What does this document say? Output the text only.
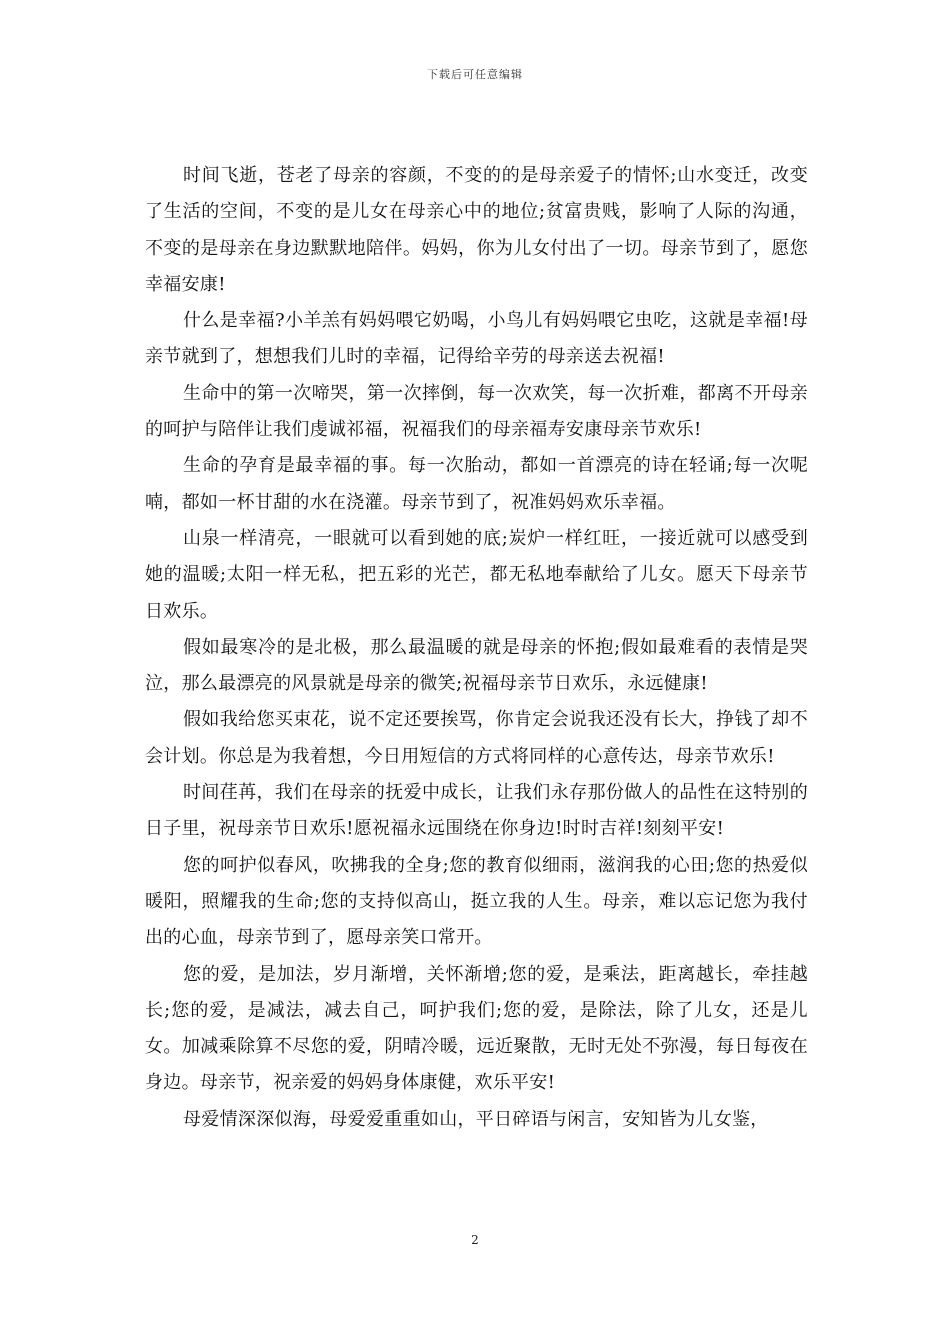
下载后可任意编辑

时间飞逝，苍老了母亲的容颜，不变的的是母亲爱子的情怀;山水变迁，改变了生活的空间，不变的是儿女在母亲心中的地位;贫富贵贱，影响了人际的沟通，不变的是母亲在身边默默地陪伴。妈妈，你为儿女付出了一切。母亲节到了，愿您幸福安康!

什么是幸福?小羊羔有妈妈喂它奶喝，小鸟儿有妈妈喂它虫吃，这就是幸福!母亲节就到了，想想我们儿时的幸福，记得给辛劳的母亲送去祝福!

生命中的第一次啼哭，第一次摔倒，每一次欢笑，每一次折难，都离不开母亲的呵护与陪伴让我们虔诚祁福，祝福我们的母亲福寿安康母亲节欢乐!

生命的孕育是最幸福的事。每一次胎动，都如一首漂亮的诗在轻诵;每一次呢喃，都如一杯甘甜的水在浇灌。母亲节到了，祝准妈妈欢乐幸福。

山泉一样清亮，一眼就可以看到她的底;炭炉一样红旺，一接近就可以感受到她的温暖;太阳一样无私，把五彩的光芒，都无私地奉献给了儿女。愿天下母亲节日欢乐。

假如最寒冷的是北极，那么最温暖的就是母亲的怀抱;假如最难看的表情是哭泣，那么最漂亮的风景就是母亲的微笑;祝福母亲节日欢乐，永远健康!

假如我给您买束花，说不定还要挨骂，你肯定会说我还没有长大，挣钱了却不会计划。你总是为我着想，今日用短信的方式将同样的心意传达，母亲节欢乐!

时间荏苒，我们在母亲的抚爱中成长，让我们永存那份做人的品性在这特别的日子里，祝母亲节日欢乐!愿祝福永远围绕在你身边!时时吉祥!刻刻平安!

您的呵护似春风，吹拂我的全身;您的教育似细雨，滋润我的心田;您的热爱似暖阳，照耀我的生命;您的支持似高山，挺立我的人生。母亲，难以忘记您为我付出的心血，母亲节到了，愿母亲笑口常开。

您的爱，是加法，岁月渐增，关怀渐增;您的爱，是乘法，距离越长，牵挂越长;您的爱，是减法，减去自己，呵护我们;您的爱，是除法，除了儿女，还是儿女。加减乘除算不尽您的爱，阴晴冷暖，远近聚散，无时无处不弥漫，每日每夜在身边。母亲节，祝亲爱的妈妈身体康健，欢乐平安!

母爱情深深似海，母爱爱重重如山，平日碎语与闲言，安知皆为儿女鉴，

2
